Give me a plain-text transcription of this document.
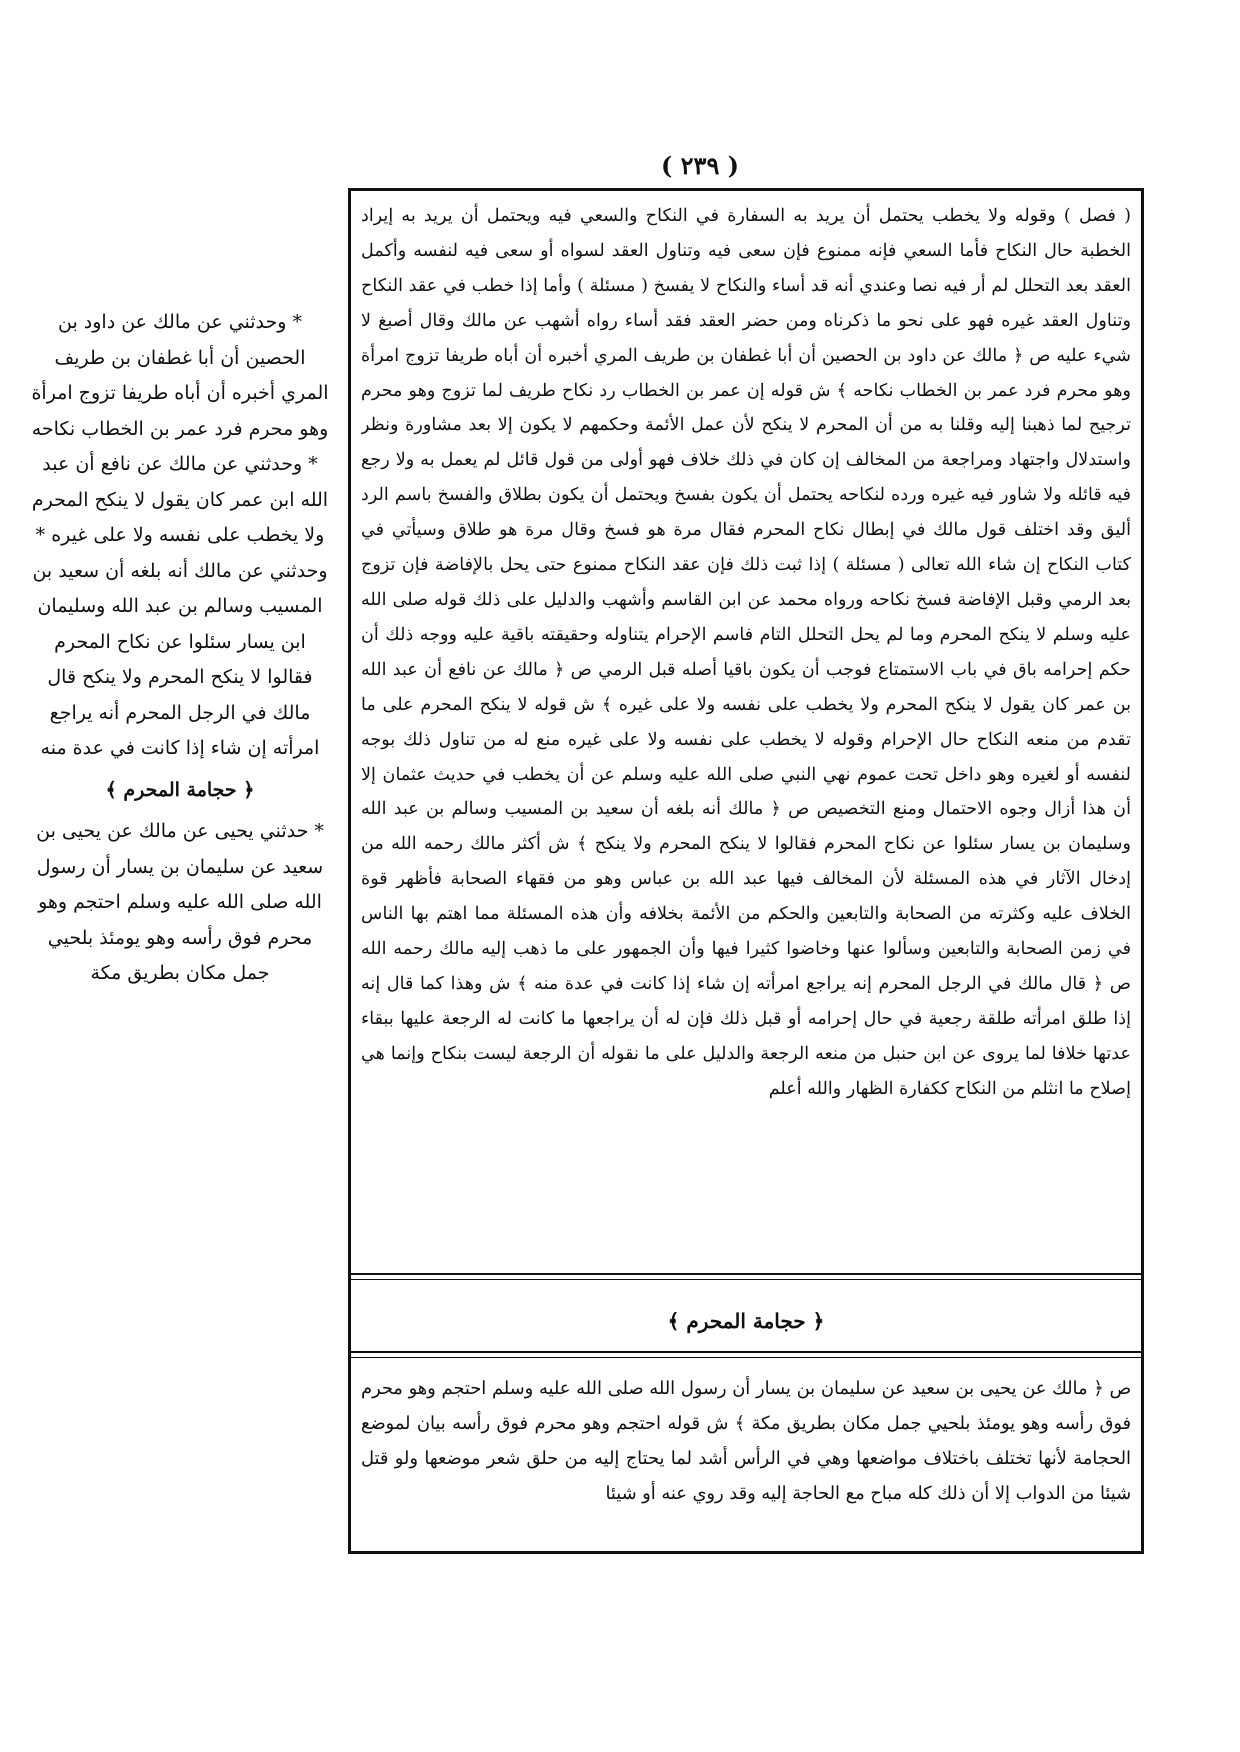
( ٢٣٩ )

( فصل ) وقوله ولا يخطب يحتمل أن يريد به السفارة في النكاح والسعي فيه ويحتمل أن يريد به إيراد الخطبة حال النكاح فأما السعي فإنه ممنوع فإن سعى فيه وتناول العقد لسواه أو سعى فيه لنفسه وأكمل العقد بعد التحلل لم أر فيه نصا وعندي أنه قد أساء والنكاح لا يفسخ ( مسئلة ) وأما إذا خطب في عقد النكاح وتناول العقد غيره فهو على نحو ما ذكرناه ومن حضر العقد فقد أساء رواه أشهب عن مالك وقال أصبغ لا شيء عليه ص ﴿ مالك عن داود بن الحصين أن أبا غطفان بن طريف المري أخبره أن أباه طريفا تزوج امرأة وهو محرم فرد عمر بن الخطاب نكاحه ﴾ ش قوله إن عمر بن الخطاب رد نكاح طريف لما تزوج وهو محرم ترجيح لما ذهبنا إليه وقلنا به من أن المحرم لا ينكح لأن عمل الأئمة وحكمهم لا يكون إلا بعد مشاورة ونظر واستدلال واجتهاد ومراجعة من المخالف إن كان في ذلك خلاف فهو أولى من قول قائل لم يعمل به ولا رجع فيه قائله ولا شاور فيه غيره ورده لنكاحه يحتمل أن يكون بفسخ ويحتمل أن يكون بطلاق والفسخ باسم الرد أليق وقد اختلف قول مالك في إبطال نكاح المحرم فقال مرة هو فسخ وقال مرة هو طلاق وسيأتي في كتاب النكاح إن شاء الله تعالى ( مسئلة ) إذا ثبت ذلك فإن عقد النكاح ممنوع حتى يحل بالإفاضة فإن تزوج بعد الرمي وقبل الإفاضة فسخ نكاحه ورواه محمد عن ابن القاسم وأشهب والدليل على ذلك قوله صلى الله عليه وسلم لا ينكح المحرم وما لم يحل التحلل التام فاسم الإحرام يتناوله وحقيقته باقية عليه ووجه ذلك أن حكم إحرامه باق في باب الاستمتاع فوجب أن يكون باقيا أصله قبل الرمي ص ﴿ مالك عن نافع أن عبد الله بن عمر كان يقول لا ينكح المحرم ولا يخطب على نفسه ولا على غيره ﴾ ش قوله لا ينكح المحرم على ما تقدم من منعه النكاح حال الإحرام وقوله لا يخطب على نفسه ولا على غيره منع له من تناول ذلك بوجه لنفسه أو لغيره وهو داخل تحت عموم نهي النبي صلى الله عليه وسلم عن أن يخطب في حديث عثمان إلا أن هذا أزال وجوه الاحتمال ومنع التخصيص ص ﴿ مالك أنه بلغه أن سعيد بن المسيب وسالم بن عبد الله وسليمان بن يسار سئلوا عن نكاح المحرم فقالوا لا ينكح المحرم ولا ينكح ﴾ ش أكثر مالك رحمه الله من إدخال الآثار في هذه المسئلة لأن المخالف فيها عبد الله بن عباس وهو من فقهاء الصحابة فأظهر قوة الخلاف عليه وكثرته من الصحابة والتابعين والحكم من الأئمة بخلافه وأن هذه المسئلة مما اهتم بها الناس في زمن الصحابة والتابعين وسألوا عنها وخاضوا كثيرا فيها وأن الجمهور على ما ذهب إليه مالك رحمه الله ص ﴿ قال مالك في الرجل المحرم إنه يراجع امرأته إن شاء إذا كانت في عدة منه ﴾ ش وهذا كما قال إنه إذا طلق امرأته طلقة رجعية في حال إحرامه أو قبل ذلك فإن له أن يراجعها ما كانت له الرجعة عليها ببقاء عدتها خلافا لما يروى عن ابن حنبل من منعه الرجعة والدليل على ما نقوله أن الرجعة ليست بنكاح وإنما هي إصلاح ما انثلم من النكاح ككفارة الظهار والله أعلم

﴿ حجامة المحرم ﴾
ص ﴿ مالك عن يحيى بن سعيد عن سليمان بن يسار أن رسول الله صلى الله عليه وسلم احتجم وهو محرم فوق رأسه وهو يومئذ بلحيي جمل مكان بطريق مكة ﴾ ش قوله احتجم وهو محرم فوق رأسه بيان لموضع الحجامة لأنها تختلف باختلاف مواضعها وهي في الرأس أشد لما يحتاج إليه من حلق شعر موضعها ولو قتل شيئا من الدواب إلا أن ذلك كله مباح مع الحاجة إليه وقد روي عنه أو شيئا

* وحدثني عن مالك عن داود بن الحصين أن أبا غطفان بن طريف المري أخبره أن أباه طريفا تزوج امرأة وهو محرم فرد عمر بن الخطاب نكاحه * وحدثني عن مالك عن نافع أن عبد الله ابن عمر كان يقول لا ينكح المحرم ولا يخطب على نفسه ولا على غيره * وحدثني عن مالك أنه بلغه أن سعيد بن المسيب وسالم بن عبد الله وسليمان ابن يسار سئلوا عن نكاح المحرم فقالوا لا ينكح المحرم ولا ينكح قال مالك في الرجل المحرم أنه يراجع امرأته إن شاء إذا كانت في عدة منه

﴿ حجامة المحرم ﴾

* حدثني يحيى عن مالك عن يحيى بن سعيد عن سليمان بن يسار أن رسول الله صلى الله عليه وسلم احتجم وهو محرم فوق رأسه وهو يومئذ بلحيي جمل مكان بطريق مكة
